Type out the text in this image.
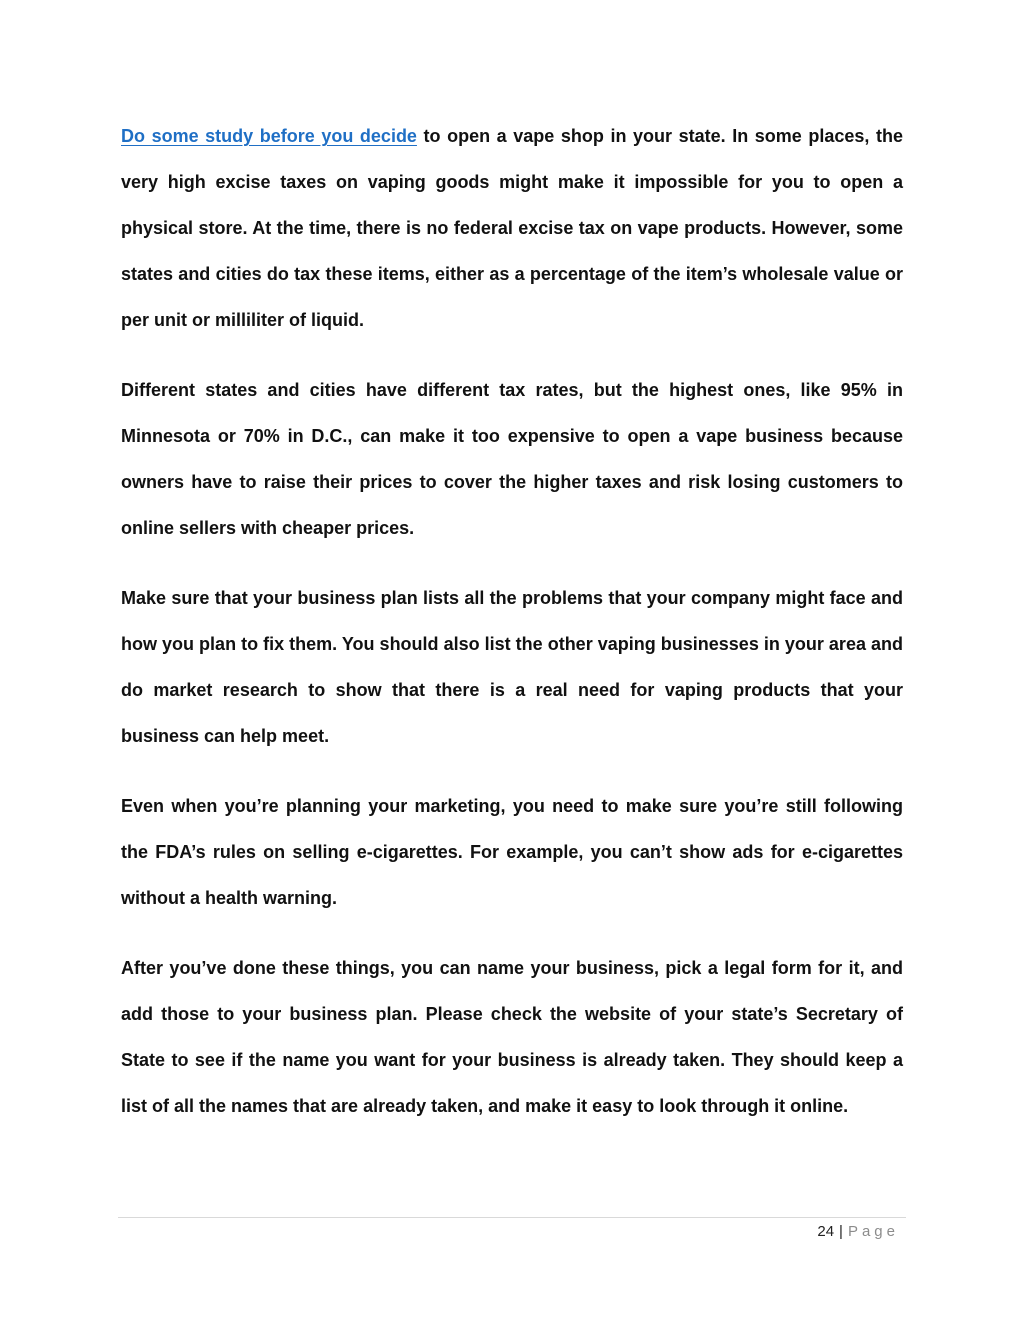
Do some study before you decide to open a vape shop in your state. In some places, the very high excise taxes on vaping goods might make it impossible for you to open a physical store. At the time, there is no federal excise tax on vape products. However, some states and cities do tax these items, either as a percentage of the item’s wholesale value or per unit or milliliter of liquid.

Different states and cities have different tax rates, but the highest ones, like 95% in Minnesota or 70% in D.C., can make it too expensive to open a vape business because owners have to raise their prices to cover the higher taxes and risk losing customers to online sellers with cheaper prices.

Make sure that your business plan lists all the problems that your company might face and how you plan to fix them. You should also list the other vaping businesses in your area and do market research to show that there is a real need for vaping products that your business can help meet.

Even when you’re planning your marketing, you need to make sure you’re still following the FDA’s rules on selling e-cigarettes. For example, you can’t show ads for e-cigarettes without a health warning.

After you’ve done these things, you can name your business, pick a legal form for it, and add those to your business plan. Please check the website of your state’s Secretary of State to see if the name you want for your business is already taken. They should keep a list of all the names that are already taken, and make it easy to look through it online.

24 | Page
